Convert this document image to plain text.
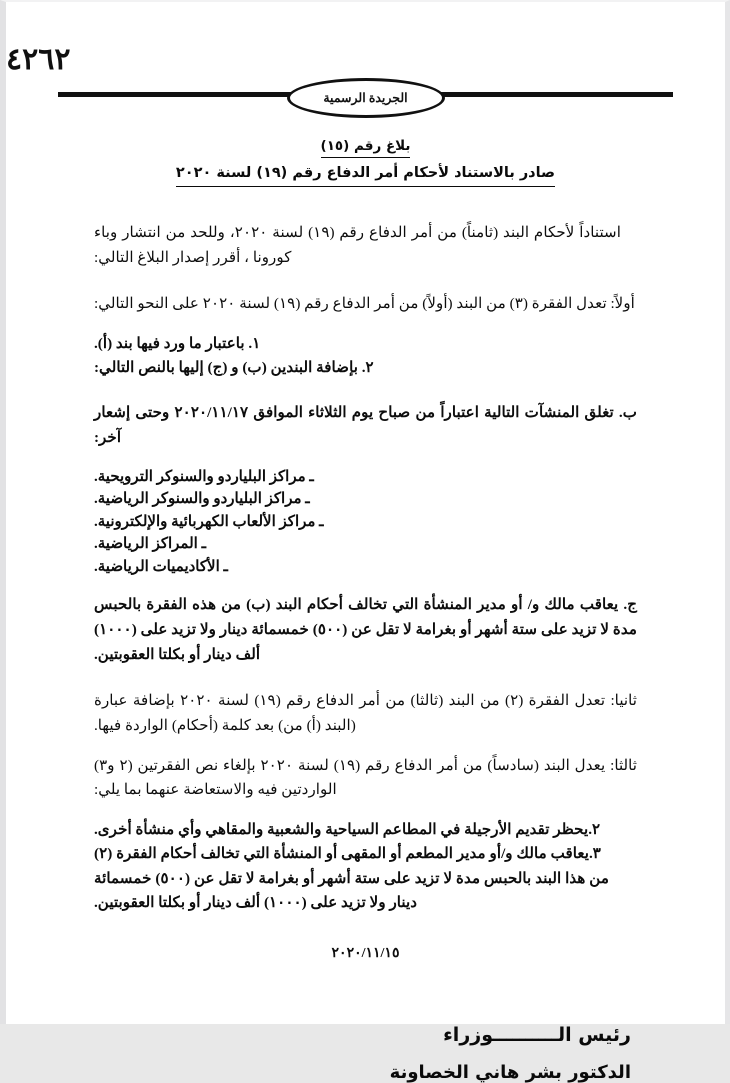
٤٢٦٢
الجريدة الرسمية
بلاغ رقم (١٥)
صادر بالاستناد لأحكام أمر الدفاع رقم (١٩) لسنة ٢٠٢٠

استناداً لأحكام البند (ثامناً) من أمر الدفاع رقم (١٩) لسنة ٢٠٢٠، وللحد من انتشار وباء كورونا ، أقرر إصدار البلاغ التالي:

أولاً: تعدل الفقرة (٣) من البند (أولاً) من أمر الدفاع رقم (١٩) لسنة ٢٠٢٠ على النحو التالي:

١. باعتبار ما ورد فيها بند (أ).
٢. بإضافة البندين (ب) و (ج) إليها بالنص التالي:

ب. تغلق المنشآت التالية اعتباراً من صباح يوم الثلاثاء الموافق ٢٠٢٠/١١/١٧ وحتى إشعار آخر:

ـ مراكز البلياردو والسنوكر الترويحية.
ـ مراكز البلياردو والسنوكر الرياضية.
ـ مراكز الألعاب الكهربائية والإلكترونية.
ـ المراكز الرياضية.
ـ الأكاديميات الرياضية.

ج. يعاقب مالك و/ أو مدير المنشأة التي تخالف أحكام البند (ب) من هذه الفقرة بالحبس مدة لا تزيد على ستة أشهر أو بغرامة لا تقل عن (٥٠٠) خمسمائة دينار ولا تزيد على (١٠٠٠) ألف دينار أو بكلتا العقوبتين.

ثانيا: تعدل الفقرة (٢) من البند (ثالثا) من أمر الدفاع رقم (١٩) لسنة ٢٠٢٠ بإضافة عبارة (البند (أ) من) بعد كلمة (أحكام) الواردة فيها.

ثالثا: يعدل البند (سادساً) من أمر الدفاع رقم (١٩) لسنة ٢٠٢٠ بإلغاء نص الفقرتين (٢ و٣) الواردتين فيه والاستعاضة عنهما بما يلي:

٢.يحظر تقديم الأرجيلة في المطاعم السياحية والشعبية والمقاهي وأي منشأة أخرى.
٣.يعاقب مالك و/أو مدير المطعم أو المقهى أو المنشأة التي تخالف أحكام الفقرة (٢) من هذا البند بالحبس مدة لا تزيد على ستة أشهر أو بغرامة لا تقل عن (٥٠٠) خمسمائة دينار ولا تزيد على (١٠٠٠) ألف دينار أو بكلتا العقوبتين.

٢٠٢٠/١١/١٥

رئيس الــــــــــوزراء
الدكتور بشر هاني الخصاونة
